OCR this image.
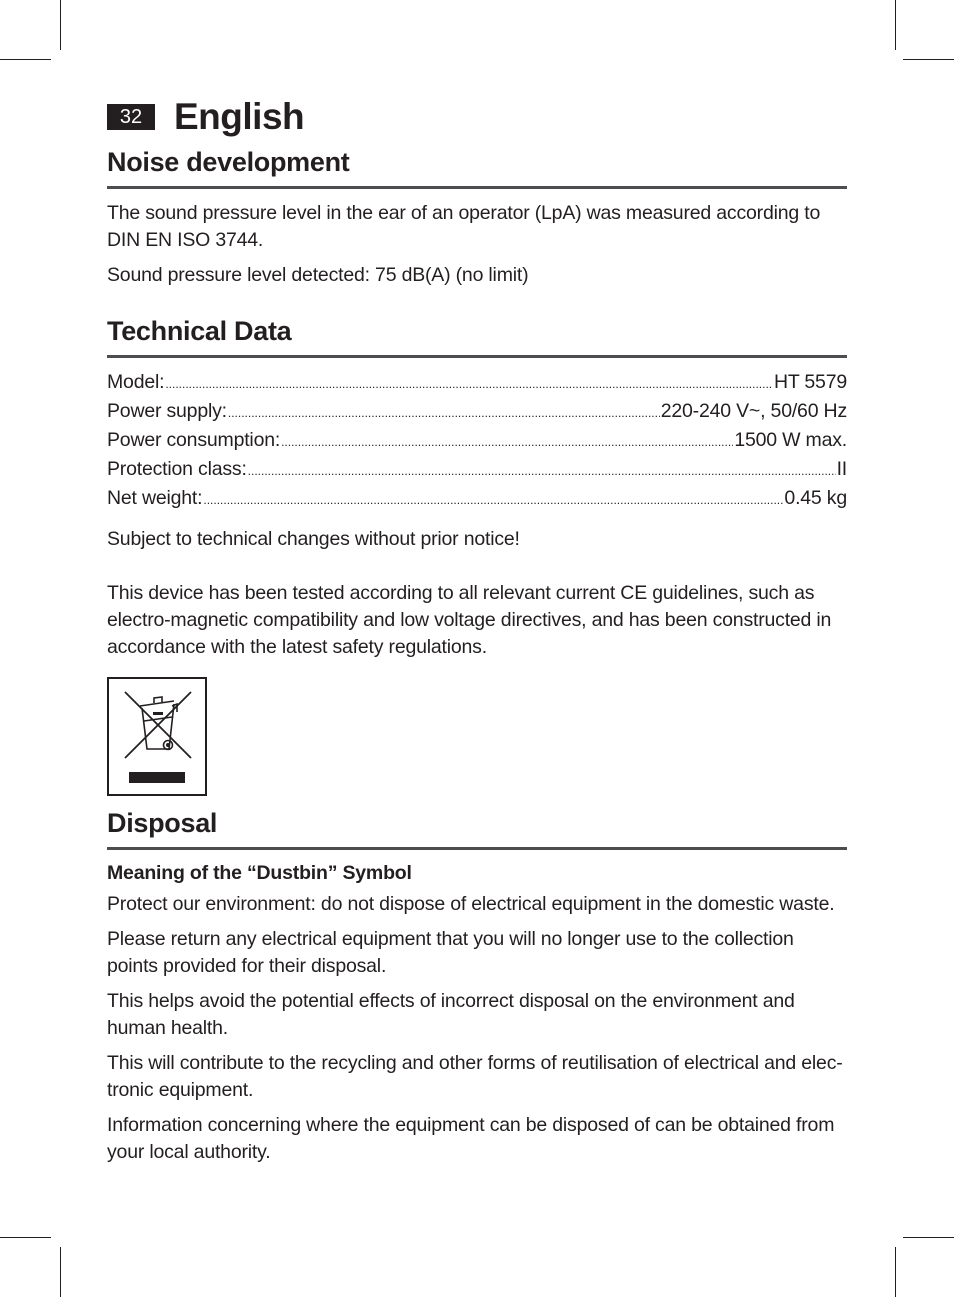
32 English
Noise development

The sound pressure level in the ear of an operator (LpA) was measured according to DIN EN ISO 3744.

Sound pressure level detected: 75 dB(A) (no limit)

Technical Data
Model: .....	HT 5579
Power supply: .....	220-240 V~, 50/60 Hz
Power consumption: .....	1500 W max.
Protection class: .....	II
Net weight: .....	0.45 kg

Subject to technical changes without prior notice!

This device has been tested according to all relevant current CE guidelines, such as electro-magnetic compatibility and low voltage directives, and has been constructed in accordance with the latest safety regulations.

Disposal
Meaning of the “Dustbin” Symbol

Protect our environment: do not dispose of electrical equipment in the domestic waste.

Please return any electrical equipment that you will no longer use to the collection points provided for their disposal.

This helps avoid the potential effects of incorrect disposal on the environment and human health.

This will contribute to the recycling and other forms of reutilisation of electrical and elec-tronic equipment.

Information concerning where the equipment can be disposed of can be obtained from your local authority.
